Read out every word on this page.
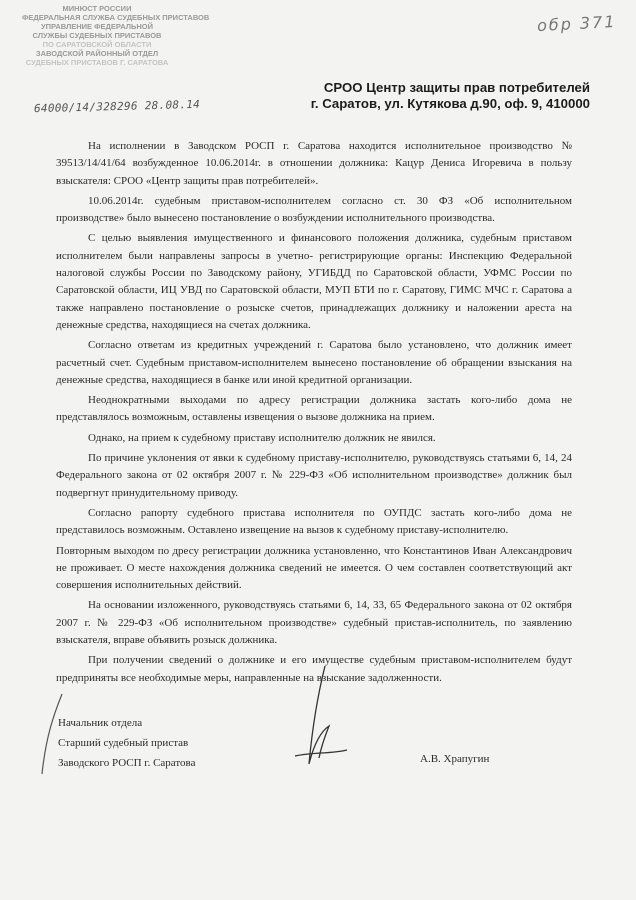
МИНЮСТ РОССИИ
ФЕДЕРАЛЬНАЯ СЛУЖБА СУДЕБНЫХ ПРИСТАВОВ
УПРАВЛЕНИЕ ФЕДЕРАЛЬНОЙ
СЛУЖБЫ СУДЕБНЫХ ПРИСТАВОВ
ПО САРАТОВСКОЙ ОБЛАСТИ
ЗАВОДСКОЙ РАЙОННЫЙ ОТДЕЛ
СУДЕБНЫХ ПРИСТАВОВ Г. САРАТОВА
64000/14/328296 28.08.14
обр 371
СРОО Центр защиты прав потребителей
г. Саратов, ул. Кутякова д.90, оф. 9, 410000

На исполнении в Заводском РОСП г. Саратова находится исполнительное производство № 39513/14/41/64 возбужденное 10.06.2014г. в отношении должника: Кацур Дениса Игоревича в пользу взыскателя: СРОО «Центр защиты прав потребителей».

10.06.2014г. судебным приставом-исполнителем согласно ст. 30 ФЗ «Об исполнительном производстве» было вынесено постановление о возбуждении исполнительного производства.

С целью выявления имущественного и финансового положения должника, судебным приставом исполнителем были направлены запросы в учетно- регистрирующие органы: Инспекцию Федеральной налоговой службы России по Заводскому району, УГИБДД по Саратовской области, УФМС России по Саратовской области, ИЦ УВД по Саратовской области, МУП БТИ по г. Саратову, ГИМС МЧС г. Саратова а также направлено постановление о розыске счетов, принадлежащих должнику и наложении ареста на денежные средства, находящиеся на счетах должника.

Согласно ответам из кредитных учреждений г. Саратова было установлено, что должник имеет расчетный счет. Судебным приставом-исполнителем вынесено постановление об обращении взыскания на денежные средства, находящиеся в банке или иной кредитной организации.

Неоднократными выходами по адресу регистрации должника застать кого-либо дома не представлялось возможным, оставлены извещения о вызове должника на прием.

Однако, на прием к судебному приставу исполнителю должник не явился.

По причине уклонения от явки к судебному приставу-исполнителю, руководствуясь статьями 6, 14, 24 Федерального закона от 02 октября 2007 г. № 229-ФЗ «Об исполнительном производстве» должник был подвергнут принудительному приводу.

Согласно рапорту судебного пристава исполнителя по ОУПДС застать кого-либо дома не представилось возможным. Оставлено извещение на вызов к судебному приставу-исполнителю.

Повторным выходом по дресу регистрации должника установленно, что Константинов Иван Александрович не проживает. О месте нахождения должника сведений не имеется. О чем составлен соответствующий акт совершения исполнительных действий.

На основании изложенного, руководствуясь статьями 6, 14, 33, 65 Федерального закона от 02 октября 2007 г. № 229-ФЗ «Об исполнительном производстве» судебный пристав-исполнитель, по заявлению взыскателя, вправе объявить розыск должника.

При получении сведений о должнике и его имуществе судебным приставом-исполнителем будут предприняты все необходимые меры, направленные на взыскание задолженности.

Начальник отдела
Старший судебный пристав
Заводского РОСП г. Саратова	А.В. Храпугин
